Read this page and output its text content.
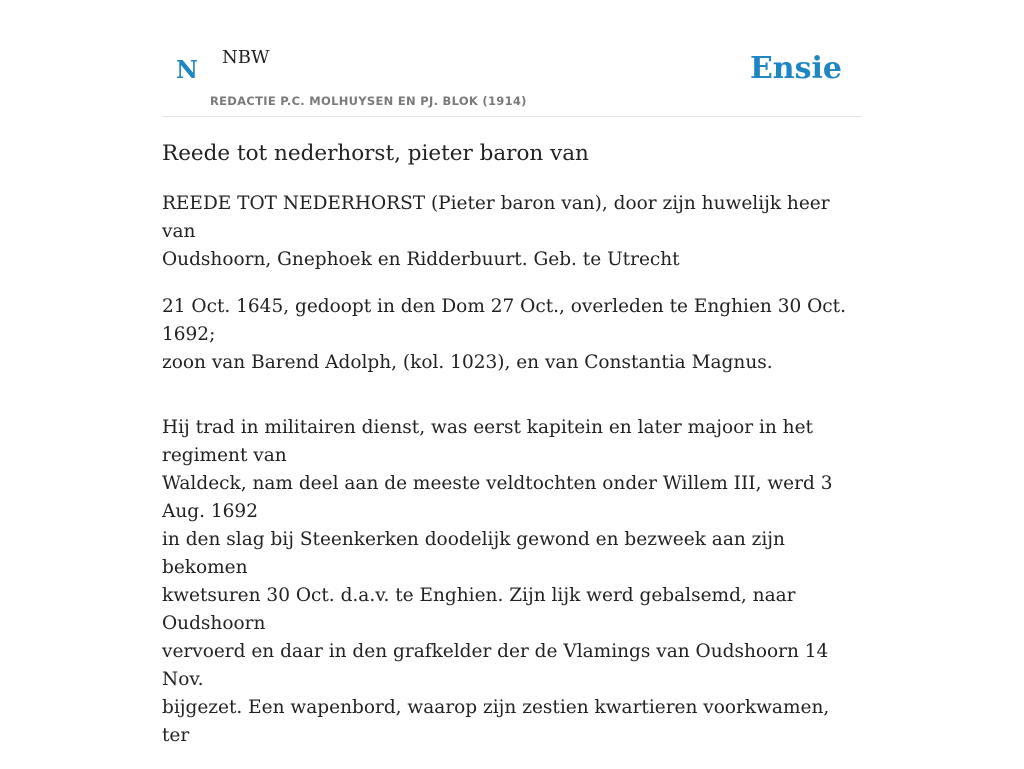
N NBW
REDACTIE P.C. MOLHUYSEN EN PJ. BLOK (1914)
Ensie
Reede tot nederhorst, pieter baron van

REEDE TOT NEDERHORST (Pieter baron van), door zijn huwelijk heer van
Oudshoorn, Gnephoek en Ridderbuurt. Geb. te Utrecht

21 Oct. 1645, gedoopt in den Dom 27 Oct., overleden te Enghien 30 Oct. 1692;
zoon van Barend Adolph, (kol. 1023), en van Constantia Magnus.

Hij trad in militairen dienst, was eerst kapitein en later majoor in het regiment van
Waldeck, nam deel aan de meeste veldtochten onder Willem III, werd 3 Aug. 1692
in den slag bij Steenkerken doodelijk gewond en bezweek aan zijn bekomen
kwetsuren 30 Oct. d.a.v. te Enghien. Zijn lijk werd gebalsemd, naar Oudshoorn
vervoerd en daar in den grafkelder der de Vlamings van Oudshoorn 14 Nov.
bijgezet. Een wapenbord, waarop zijn zestien kwartieren voorkwamen, ter
